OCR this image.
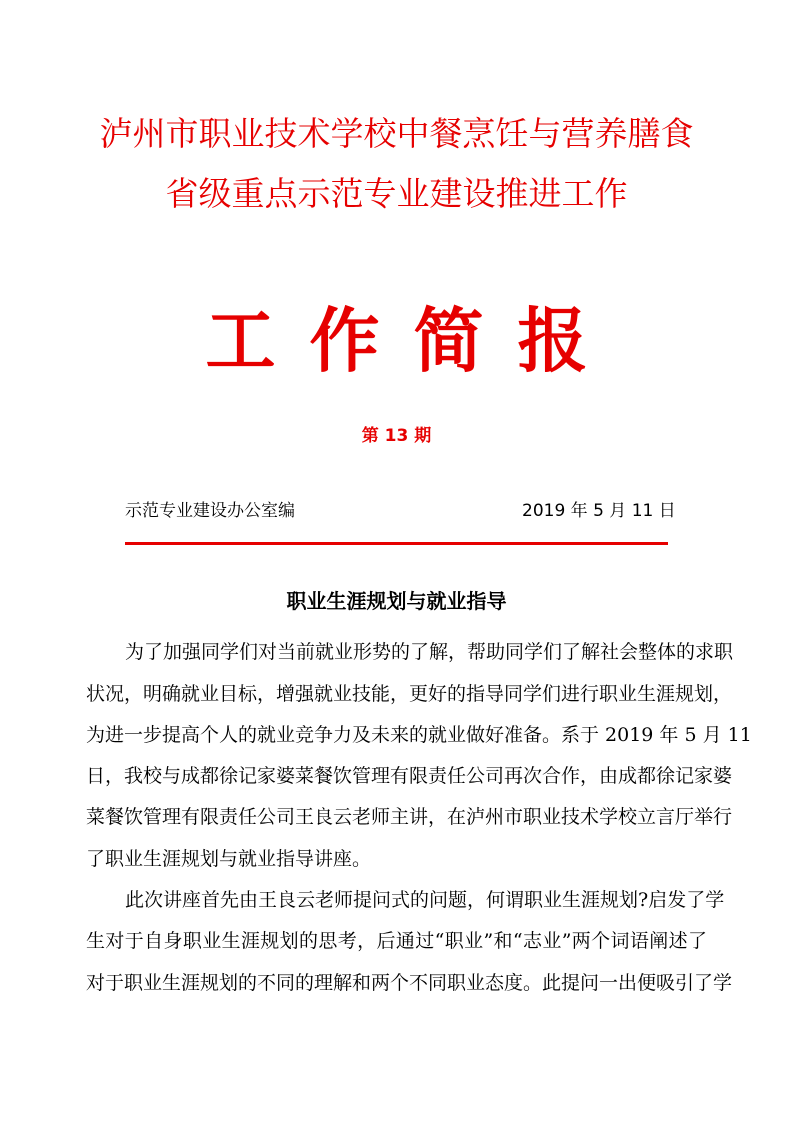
泸州市职业技术学校中餐烹饪与营养膳食
省级重点示范专业建设推进工作
工作简报
第 13 期
示范专业建设办公室编	2019 年 5 月 11 日
职业生涯规划与就业指导
为了加强同学们对当前就业形势的了解，帮助同学们了解社会整体的求职
状况，明确就业目标，增强就业技能，更好的指导同学们进行职业生涯规划，
为进一步提高个人的就业竞争力及未来的就业做好准备。系于 2019 年 5 月 11
日，我校与成都徐记家婆菜餐饮管理有限责任公司再次合作，由成都徐记家婆
菜餐饮管理有限责任公司王良云老师主讲，在泸州市职业技术学校立言厅举行
了职业生涯规划与就业指导讲座。
此次讲座首先由王良云老师提问式的问题，何谓职业生涯规划?启发了学
生对于自身职业生涯规划的思考，后通过“职业”和“志业”两个词语阐述了
对于职业生涯规划的不同的理解和两个不同职业态度。此提问一出便吸引了学
